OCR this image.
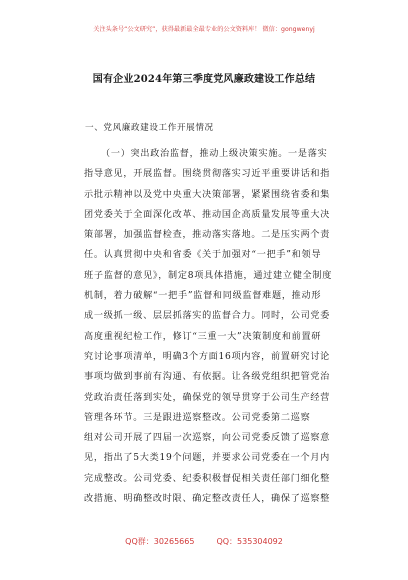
关注头条号“公文研究”，获得最新最全最专业的公文资料库！ 微信：gongwenyj
国有企业2024年第三季度党风廉政建设工作总结
一、党风廉政建设工作开展情况
（一）突出政治监督，推动上级决策实施。一是落实
指导意见，开展监督。围绕贯彻落实习近平重要讲话和指
示批示精神以及党中央重大决策部署，紧紧围绕省委和集
团党委关于全面深化改革、推动国企高质量发展等重大决
策部署，加强监督检查，推动落实落地。二是压实两个责
任。认真贯彻中央和省委《关于加强对“一把手”和领导
班子监督的意见》，制定8项具体措施，通过建立健全制度
机制，着力破解“一把手”监督和同级监督难题，推动形
成一级抓一级、层层抓落实的监督合力。同时，公司党委
高度重视纪检工作，修订“三重一大”决策制度和前置研
究讨论事项清单，明确3个方面16项内容，前置研究讨论
事项均做到事前有沟通、有依据。让各级党组织把管党治
党政治责任落到实处，确保党的领导贯穿于公司生产经营
管理各环节。三是跟进巡察整改。公司党委第二巡察
组对公司开展了四届一次巡察，向公司党委反馈了巡察意
见，指出了5大类19个问题，并要求公司党委在一个月内
完成整改。公司党委、纪委积极督促相关责任部门细化整
改措施、明确整改时限、确定整改责任人，确保了巡察整
QQ群：30265665	QQ：535304092
